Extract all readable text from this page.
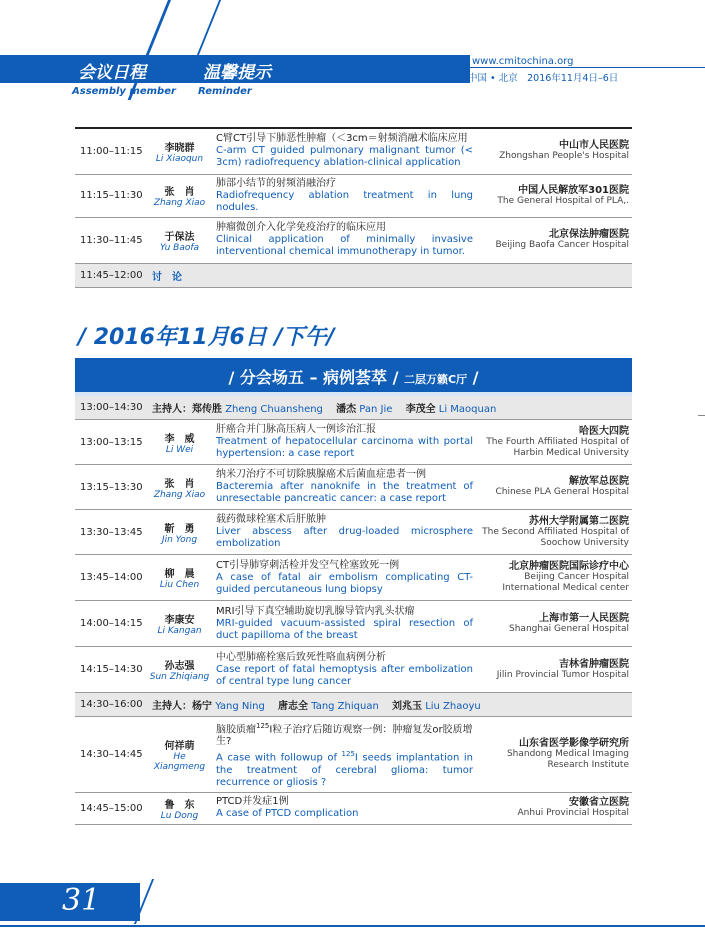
会议日程	温馨提示
Assembly member Reminder
www.cmitochina.org
中国 • 北京　2016年11月4日–6日
11:00–11:15	李晓群
Li Xiaoqun	C臂CT引导下肺恶性肿瘤（＜3cm＝射频消融术临床应用
C-arm CT guided pulmonary malignant tumor (< 3cm) radiofrequency ablation-clinical application	中山市人民医院
Zhongshan People's Hospital

11:15–11:30	张　肖
Zhang Xiao	肺部小结节的射频消融治疗
Radiofrequency ablation treatment in lung nodules.	中国人民解放军301医院
The General Hospital of PLA,.

11:30–11:45	于保法
Yu Baofa	肿瘤微创介入化学免疫治疗的临床应用
Clinical application of minimally invasive interventional chemical immunotherapy in tumor.	北京保法肿瘤医院
Beijing Baofa Cancer Hospital

11:45–12:00	讨　论		
/ 2016年11月6日 /下午/
/ 分会场五 – 病例荟萃 / 二层万籁C厅 /
13:00–14:30	主持人：郑传胜 Zheng Chuansheng　 潘杰 Pan Jie　 李茂全 Li Maoquan		
13:00–13:15	李　威
Li Wei	肝癌合并门脉高压病人一例诊治汇报
Treatment of hepatocellular carcinoma with portal hypertension: a case report	哈医大四院
The Fourth Affiliated Hospital of Harbin Medical University

13:15–13:30	张　肖
Zhang Xiao	纳米刀治疗不可切除胰腺癌术后菌血症患者一例
Bacteremia after nanoknife in the treatment of unresectable pancreatic cancer: a case report	解放军总医院
Chinese PLA General Hospital

13:30–13:45	靳　勇
Jin Yong	载药微球栓塞术后肝脓肿
Liver abscess after drug-loaded microsphere embolization	苏州大学附属第二医院
The Second Affiliated Hospital of Soochow University

13:45–14:00	柳　晨
Liu Chen	CT引导肺穿刺活检并发空气栓塞致死一例
A case of fatal air embolism complicating CT-guided percutaneous lung biopsy	北京肿瘤医院国际诊疗中心
Beijing Cancer Hospital International Medical center

14:00–14:15	李康安
Li Kangan	MRI引导下真空辅助旋切乳腺导管内乳头状瘤
MRI-guided vacuum-assisted spiral resection of duct papilloma of the breast	上海市第一人民医院
Shanghai General Hospital

14:15–14:30	孙志强
Sun Zhiqiang	中心型肺癌栓塞后致死性咯血病例分析
Case report of fatal hemoptysis after embolization of central type lung cancer	吉林省肿瘤医院
Jilin Provincial Tumor Hospital

14:30–16:00	主持人：杨宁 Yang Ning　 唐志全 Tang Zhiquan　 刘兆玉 Liu Zhaoyu		
14:30–14:45	何祥萌
He Xiangmeng	脑胶质瘤$^{125}$I粒子治疗后随访观察一例：肿瘤复发or胶质增生?
A case with followup of $^{125}$I seeds implantation in the treatment of cerebral glioma: tumor recurrence or gliosis ?	山东省医学影像学研究所
Shandong Medical Imaging Research Institute

14:45–15:00	鲁　东
Lu Dong	PTCD并发症1例
A case of PTCD complication	安徽省立医院
Anhui Provincial Hospital
31
